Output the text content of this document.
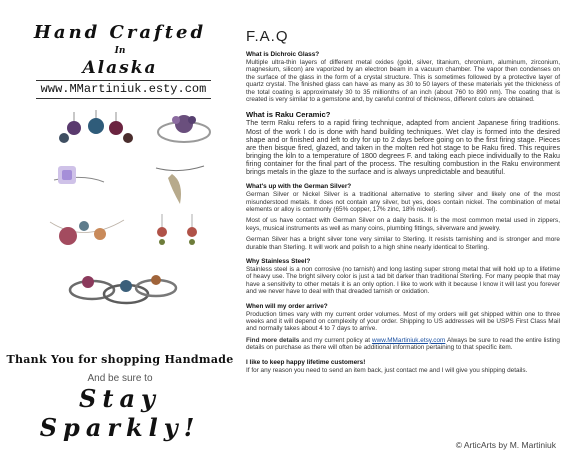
Hand Crafted
In
Alaska
www.MMartiniuk.esty.com
Thank You for shopping Handmade
And be sure to
Stay Sparkly!
F.A.Q
What is Dichroic Glass?
Multiple ultra-thin layers of different metal oxides (gold, silver, titanium, chromium, aluminum, zirconium, magnesium, silicon) are vaporized by an electron beam in a vacuum chamber. The vapor then condenses on the surface of the glass in the form of a crystal structure. This is sometimes followed by a protective layer of quartz crystal. The finished glass can have as many as 30 to 50 layers of these materials yet the thickness of the total coating is approximately 30 to 35 millionths of an inch (about 760 to 890 nm). The coating that is created is very similar to a gemstone and, by careful control of thickness, different colors are obtained.
What is Raku Ceramic?
The term Raku refers to a rapid firing technique, adapted from ancient Japanese firing traditions. Most of the work I do is done with hand building techniques. Wet clay is formed into the desired shape and or finished and left to dry for up to 2 days before going on to the first firing stage. Pieces are then bisque fired, glazed, and taken in the molten red hot stage to be Raku fired. This requires bringing the kiln to a temperature of 1800 degrees F. and taking each piece individually to the Raku firing container for the final part of the process. The resulting combustion in the Raku environment brings metals in the glaze to the surface and is always unpredictable and beautiful.
What's up with the German Silver?
German Silver or Nickel Silver is a traditional alternative to sterling silver and likely one of the most misunderstood metals. It does not contain any silver, but yes, does contain nickel. The combination of metal elements or alloy is commonly (65% copper, 17% zinc, 18% nickel).
Most of us have contact with German Silver on a daily basis. It is the most common metal used in zippers, keys, musical instruments as well as many coins, plumbing fittings, silverware and jewelry.
German Silver has a bright silver tone very similar to Sterling. It resists tarnishing and is stronger and more durable than Sterling. It will work and polish to a high shine nearly identical to Sterling.
Why Stainless Steel?
Stainless steel is a non corrosive (no tarnish) and long lasting super strong metal that will hold up to a lifetime of heavy use. The bright silvery color is just a tad bit darker than traditional Sterling. For many people that may have a sensitivity to other metals it is an only option. I like to work with it because I know it will last you forever and we never have to deal with that dreaded tarnish or oxidation.
When will my order arrive?
Production times vary with my current order volumes. Most of my orders will get shipped within one to three weeks and it will depend on complexity of your order. Shipping to US addresses will be USPS First Class Mail and normally takes about 4 to 7 days to arrive.
Find more details and my current policy at www.MMartiniuk.etsy.com Always be sure to read the entire listing details on purchase as there will often be additional information pertaining to that specific item.
I like to keep happy lifetime customers!
If for any reason you need to send an item back, just contact me and I will give you shipping details.
© ArticArts by M. Martiniuk
